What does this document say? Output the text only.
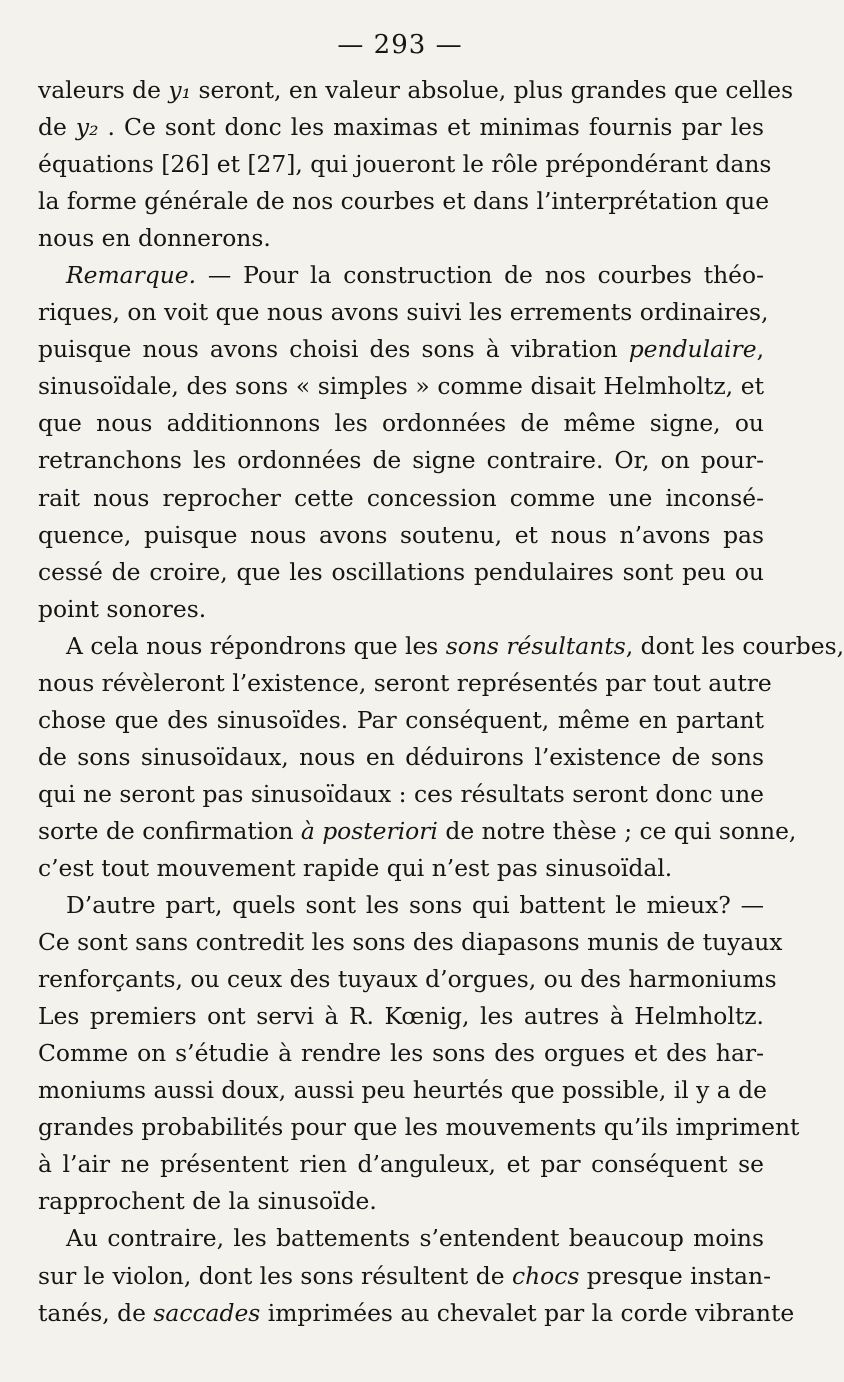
— 293 —
valeurs de y₁ seront, en valeur absolue, plus grandes que celles
de y₂ . Ce sont donc les maximas et minimas fournis par les
équations [26] et [27], qui joueront le rôle prépondérant dans
la forme générale de nos courbes et dans l’interprétation que
nous en donnerons.
Remarque. — Pour la construction de nos courbes théo-
riques, on voit que nous avons suivi les errements ordinaires,
puisque nous avons choisi des sons à vibration pendulaire,
sinusoïdale, des sons « simples » comme disait Helmholtz, et
que nous additionnons les ordonnées de même signe, ou
retranchons les ordonnées de signe contraire. Or, on pour-
rait nous reprocher cette concession comme une inconsé-
quence, puisque nous avons soutenu, et nous n’avons pas
cessé de croire, que les oscillations pendulaires sont peu ou
point sonores.
A cela nous répondrons que les sons résultants, dont les courbes,
nous révèleront l’existence, seront représentés par tout autre
chose que des sinusoïdes. Par conséquent, même en partant
de sons sinusoïdaux, nous en déduirons l’existence de sons
qui ne seront pas sinusoïdaux : ces résultats seront donc une
sorte de confirmation à posteriori de notre thèse ; ce qui sonne,
c’est tout mouvement rapide qui n’est pas sinusoïdal.
D’autre part, quels sont les sons qui battent le mieux? —
Ce sont sans contredit les sons des diapasons munis de tuyaux
renforçants, ou ceux des tuyaux d’orgues, ou des harmoniums
Les premiers ont servi à R. Kœnig, les autres à Helmholtz.
Comme on s’étudie à rendre les sons des orgues et des har-
moniums aussi doux, aussi peu heurtés que possible, il y a de
grandes probabilités pour que les mouvements qu’ils impriment
à l’air ne présentent rien d’anguleux, et par conséquent se
rapprochent de la sinusoïde.
Au contraire, les battements s’entendent beaucoup moins
sur le violon, dont les sons résultent de chocs presque instan-
tanés, de saccades imprimées au chevalet par la corde vibrante
